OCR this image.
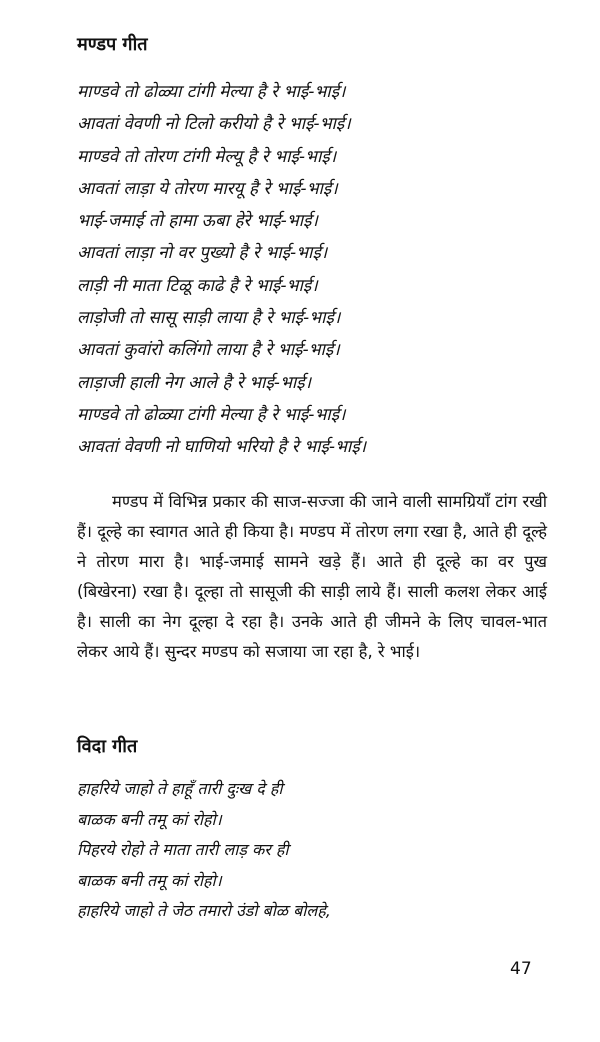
मण्डप गीत
माण्डवे तो ढोळ्या टांगी मेल्या है रे भाई-भाई।
आवतां वेवणी नो टिलो करीयो है रे भाई-भाई।
माण्डवे तो तोरण टांगी मेल्यू है रे भाई-भाई।
आवतां लाड़ा ये तोरण मारयू है रे भाई-भाई।
भाई-जमाई तो हामा ऊबा हेरे भाई-भाई।
आवतां लाड़ा नो वर पुख्यो है रे भाई-भाई।
लाड़ी नी माता टिळू काढे है रे भाई-भाई।
लाड़ोजी तो सासू साड़ी लाया है रे भाई-भाई।
आवतां कुवांरो कलिंगो लाया है रे भाई-भाई।
लाड़ाजी हाली नेग आले है रे भाई-भाई।
माण्डवे तो ढोळ्या टांगी मेल्या है रे भाई-भाई।
आवतां वेवणी नो घाणियो भरियो है रे भाई-भाई।

मण्डप में विभिन्न प्रकार की साज-सज्जा की जाने वाली सामग्रियाँ टांग रखी हैं। दूल्हे का स्वागत आते ही किया है। मण्डप में तोरण लगा रखा है, आते ही दूल्हे ने तोरण मारा है। भाई-जमाई सामने खड़े हैं। आते ही दूल्हे का वर पुख (बिखेरना) रखा है। दूल्हा तो सासूजी की साड़ी लाये हैं। साली कलश लेकर आई है। साली का नेग दूल्हा दे रहा है। उनके आते ही जीमने के लिए चावल-भात लेकर आये हैं। सुन्दर मण्डप को सजाया जा रहा है, रे भाई।

विदा गीत
हाहरिये जाहो ते हाहूँ तारी दुःख दे ही
बाळक बनी तमू कां रोहो।
पिहरये रोहो ते माता तारी लाड़ कर ही
बाळक बनी तमू कां रोहो।
हाहरिये जाहो ते जेठ तमारो उंडो बोळ बोलहे,

47
